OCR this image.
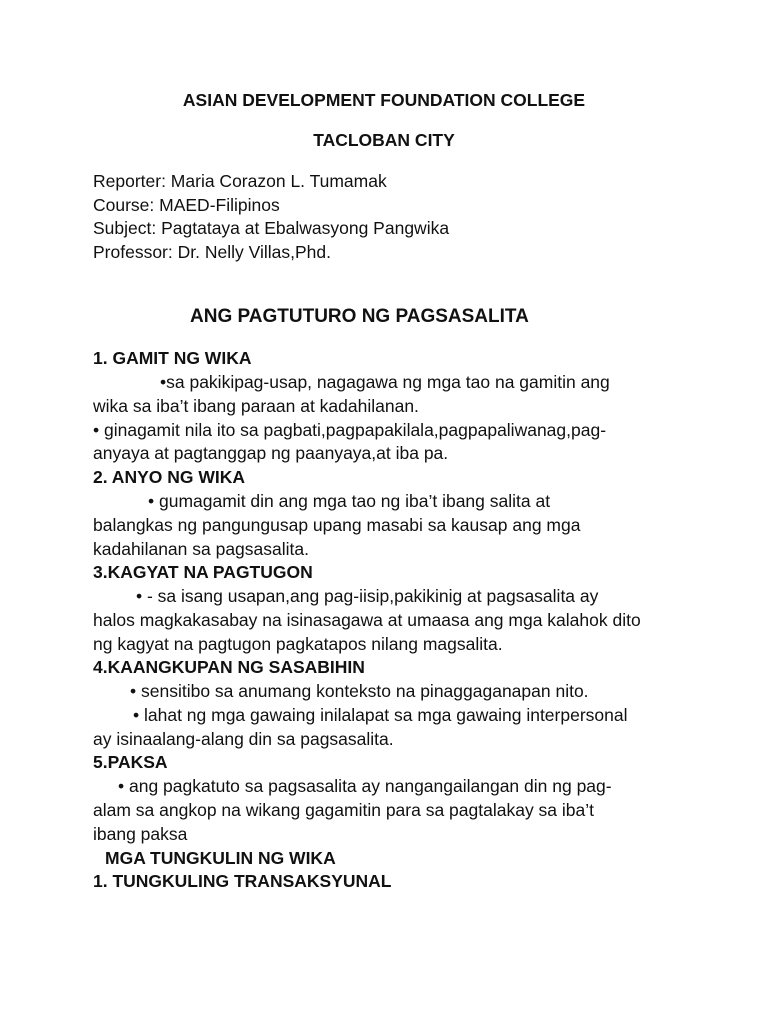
ASIAN DEVELOPMENT FOUNDATION COLLEGE

TACLOBAN CITY

Reporter: Maria Corazon L. Tumamak

Course: MAED-Filipinos

Subject: Pagtataya at Ebalwasyong Pangwika

Professor: Dr. Nelly Villas,Phd.

ANG PAGTUTURO NG PAGSASALITA

1. GAMIT NG WIKA

•sa pakikipag-usap, nagagawa ng mga tao na gamitin ang

wika sa iba’t ibang paraan at kadahilanan.

• ginagamit nila ito sa pagbati,pagpapakilala,pagpapaliwanag,pag-

anyaya at pagtanggap ng paanyaya,at iba pa.

2. ANYO NG WIKA

• gumagamit din ang mga tao ng iba’t ibang salita at

balangkas ng pangungusap upang masabi sa kausap ang mga

kadahilanan sa pagsasalita.

3.KAGYAT NA PAGTUGON

• - sa isang usapan,ang pag-iisip,pakikinig at pagsasalita ay

halos magkakasabay na isinasagawa at umaasa ang mga kalahok dito

ng kagyat na pagtugon pagkatapos nilang magsalita.

4.KAANGKUPAN NG SASABIHIN

• sensitibo sa anumang konteksto na pinaggaganapan nito.

• lahat ng mga gawaing inilalapat sa mga gawaing interpersonal

ay isinaalang-alang din sa pagsasalita.

5.PAKSA

• ang pagkatuto sa pagsasalita ay nangangailangan din ng pag-

alam sa angkop na wikang gagamitin para sa pagtalakay sa iba’t

ibang paksa

MGA TUNGKULIN NG WIKA

1. TUNGKULING TRANSAKSYUNAL
